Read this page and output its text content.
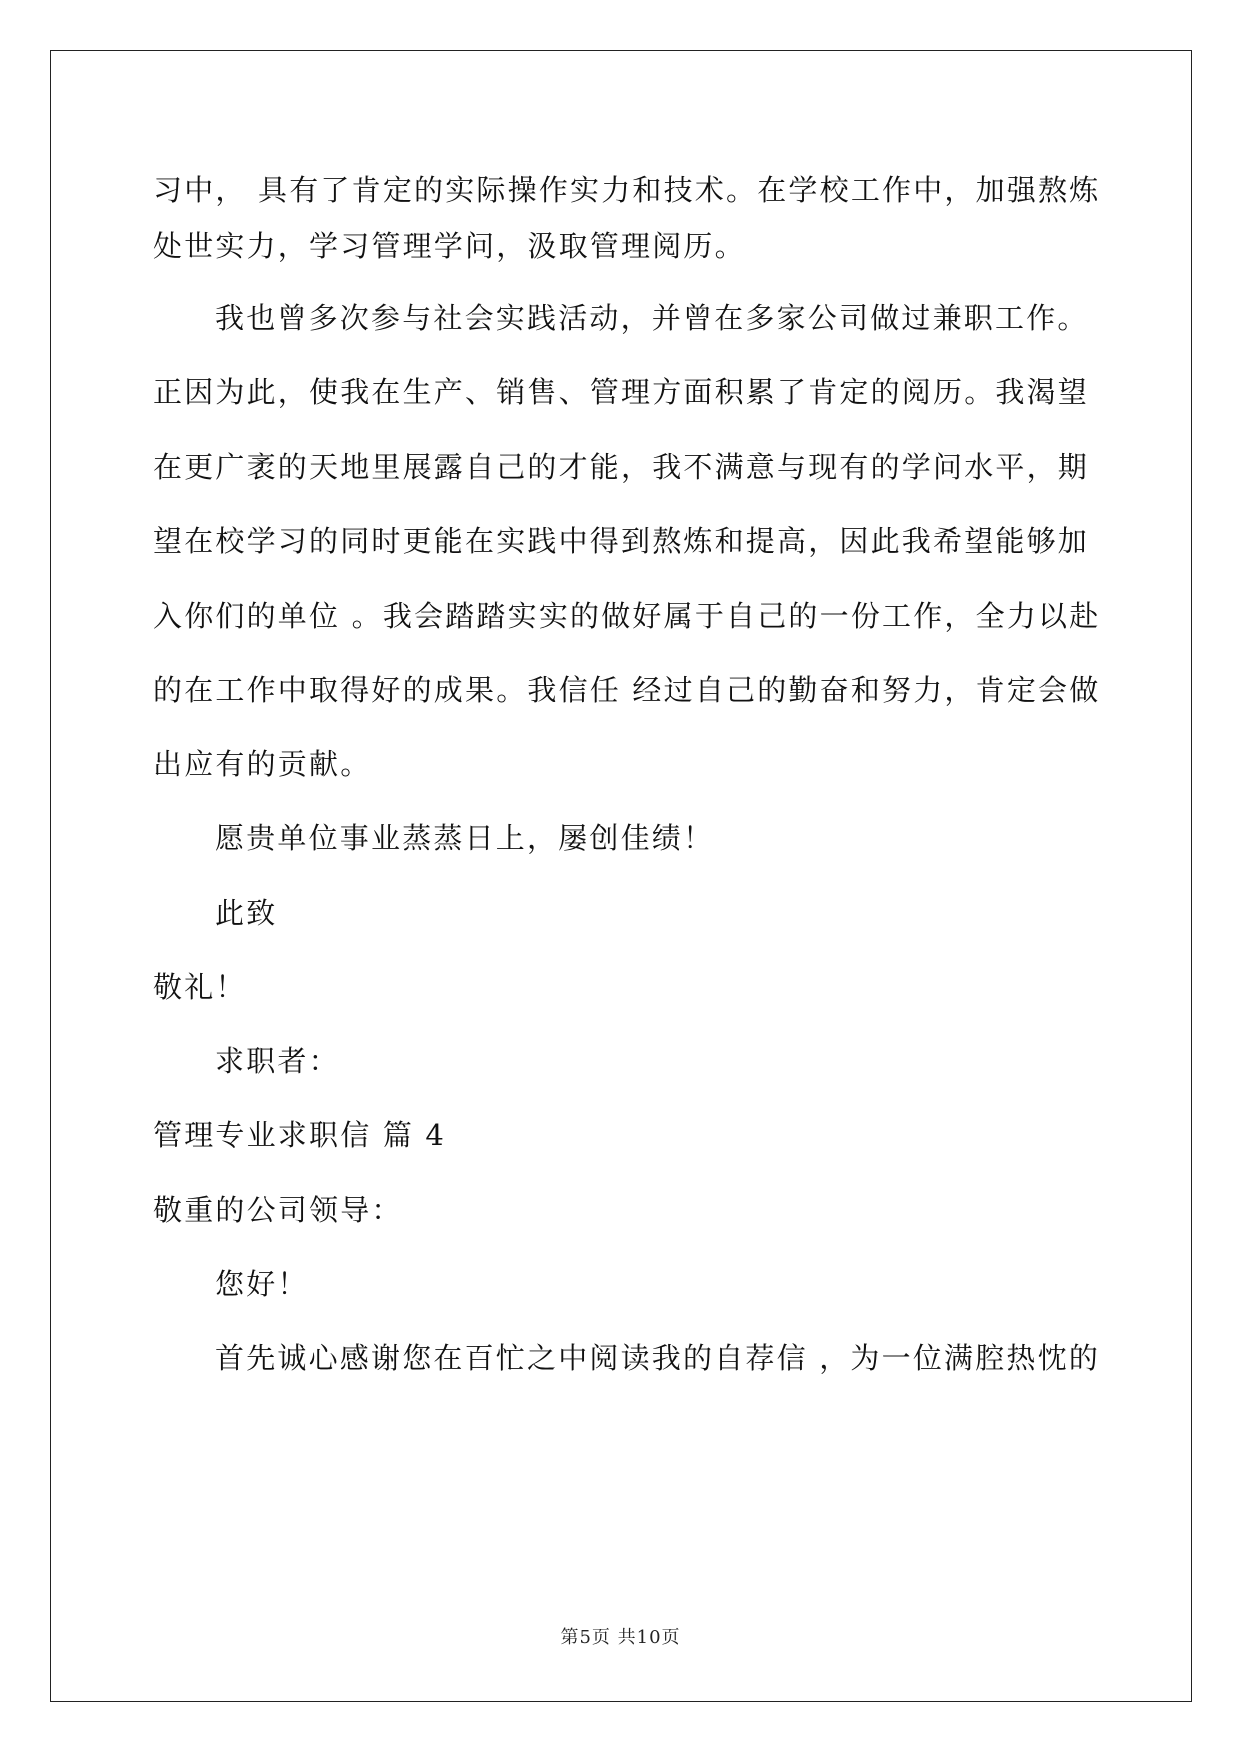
习中， 具有了肯定的实际操作实力和技术。在学校工作中，加强熬炼
处世实力，学习管理学问，汲取管理阅历。
我也曾多次参与社会实践活动，并曾在多家公司做过兼职工作。
正因为此，使我在生产、销售、管理方面积累了肯定的阅历。我渴望
在更广袤的天地里展露自己的才能，我不满意与现有的学问水平，期
望在校学习的同时更能在实践中得到熬炼和提高，因此我希望能够加
入你们的单位 。我会踏踏实实的做好属于自己的一份工作，全力以赴
的在工作中取得好的成果。我信任 经过自己的勤奋和努力，肯定会做
出应有的贡献。
愿贵单位事业蒸蒸日上，屡创佳绩！
此致
敬礼！
求职者：
管理专业求职信 篇 4
敬重的公司领导：
您好！
首先诚心感谢您在百忙之中阅读我的自荐信 ，为一位满腔热忱的
第5页 共10页
